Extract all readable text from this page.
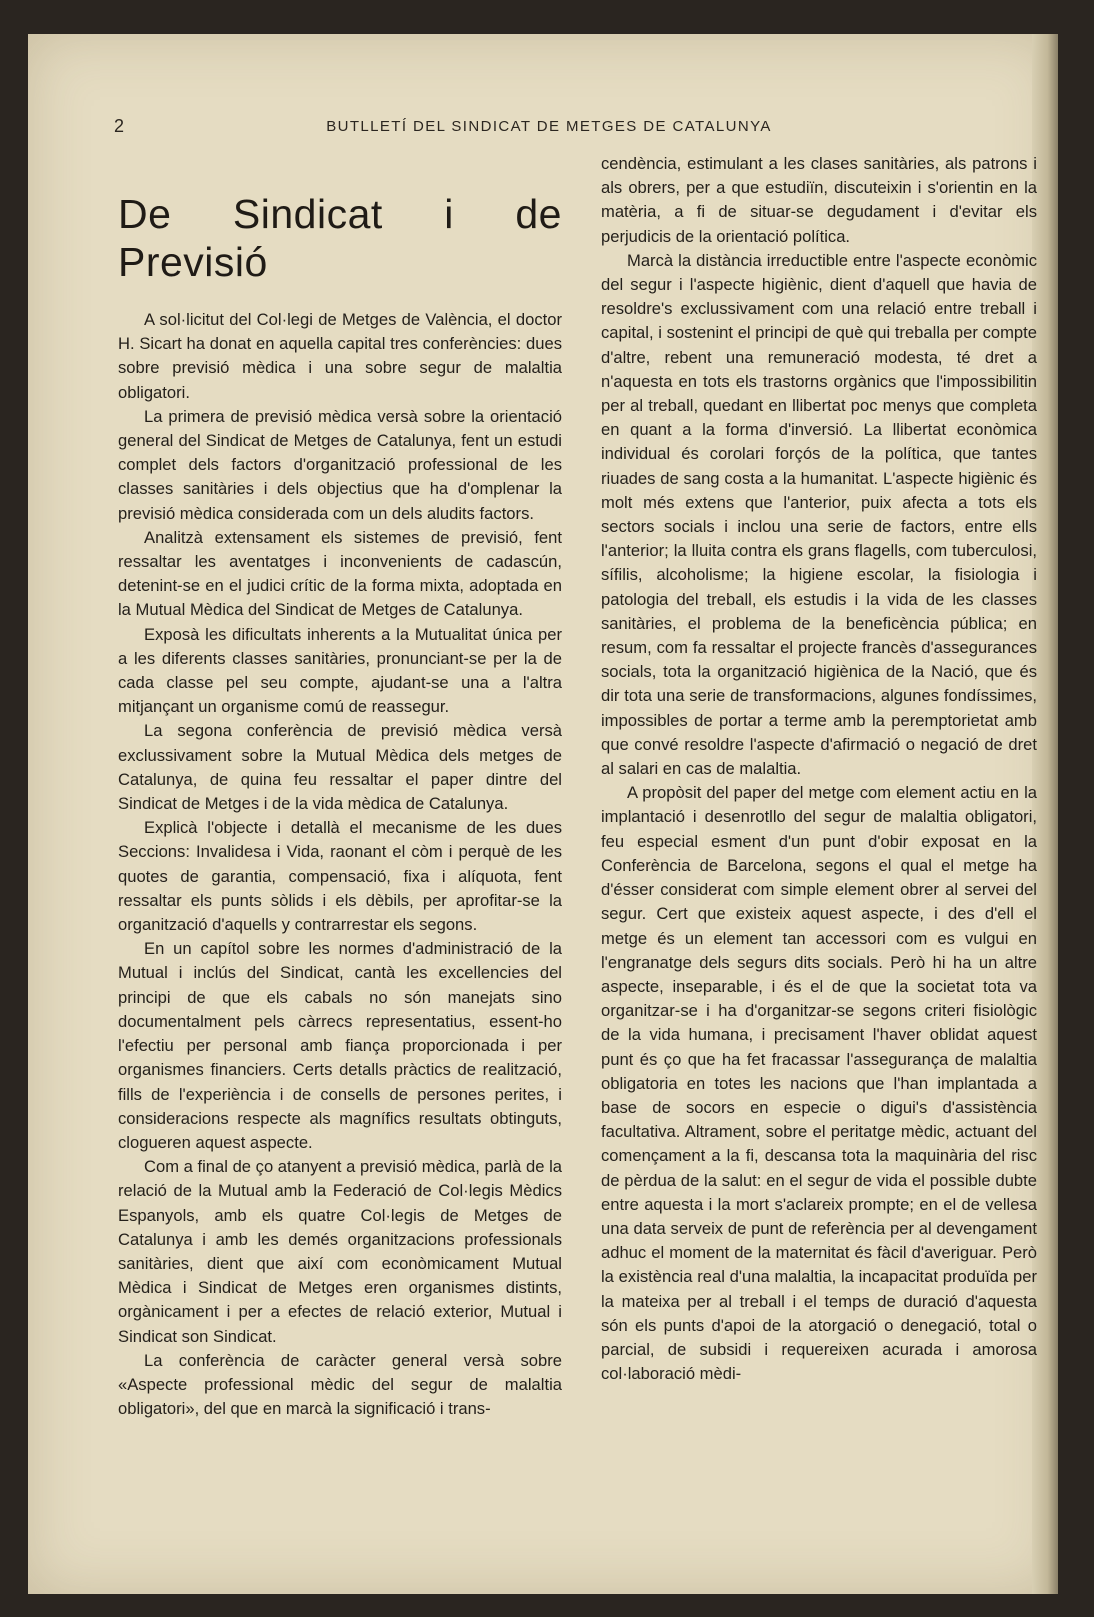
2	BUTLLETÍ DEL SINDICAT DE METGES DE CATALUNYA
De Sindicat i de Previsió

A sol·licitut del Col·legi de Metges de València, el doctor H. Sicart ha donat en aquella capital tres conferències: dues sobre previsió mèdica i una sobre segur de malaltia obligatori.

La primera de previsió mèdica versà sobre la orientació general del Sindicat de Metges de Catalunya, fent un estudi complet dels factors d'organització professional de les classes sanitàries i dels objectius que ha d'omplenar la previsió mèdica considerada com un dels aludits factors.

Analitzà extensament els sistemes de previsió, fent ressaltar les aventatges i inconvenients de cadascún, detenint-se en el judici crític de la forma mixta, adoptada en la Mutual Mèdica del Sindicat de Metges de Catalunya.

Exposà les dificultats inherents a la Mutualitat única per a les diferents classes sanitàries, pronunciant-se per la de cada classe pel seu compte, ajudant-se una a l'altra mitjançant un organisme comú de reassegur.

La segona conferència de previsió mèdica versà exclussivament sobre la Mutual Mèdica dels metges de Catalunya, de quina feu ressaltar el paper dintre del Sindicat de Metges i de la vida mèdica de Catalunya.

Explicà l'objecte i detallà el mecanisme de les dues Seccions: Invalidesa i Vida, raonant el còm i perquè de les quotes de garantia, compensació, fixa i alíquota, fent ressaltar els punts sòlids i els dèbils, per aprofitar-se la organització d'aquells y contrarrestar els segons.

En un capítol sobre les normes d'administració de la Mutual i inclús del Sindicat, cantà les excellencies del principi de que els cabals no són manejats sino documentalment pels càrrecs representatius, essent-ho l'efectiu per personal amb fiança proporcionada i per organismes financiers. Certs detalls pràctics de realització, fills de l'experiència i de consells de persones perites, i consideracions respecte als magnífics resultats obtinguts, clogueren aquest aspecte.

Com a final de ço atanyent a previsió mèdica, parlà de la relació de la Mutual amb la Federació de Col·legis Mèdics Espanyols, amb els quatre Col·legis de Metges de Catalunya i amb les demés organitzacions professionals sanitàries, dient que així com econòmicament Mutual Mèdica i Sindicat de Metges eren organismes distints, orgànicament i per a efectes de relació exterior, Mutual i Sindicat son Sindicat.

La conferència de caràcter general versà sobre «Aspecte professional mèdic del segur de malaltia obligatori», del que en marcà la significació i trans-

cendència, estimulant a les clases sanitàries, als patrons i als obrers, per a que estudiïn, discuteixin i s'orientin en la matèria, a fi de situar-se degudament i d'evitar els perjudicis de la orientació política.

Marcà la distància irreductible entre l'aspecte econòmic del segur i l'aspecte higiènic, dient d'aquell que havia de resoldre's exclussivament com una relació entre treball i capital, i sostenint el principi de què qui treballa per compte d'altre, rebent una remuneració modesta, té dret a n'aquesta en tots els trastorns orgànics que l'impossibilitin per al treball, quedant en llibertat poc menys que completa en quant a la forma d'inversió. La llibertat econòmica individual és corolari forçós de la política, que tantes riuades de sang costa a la humanitat. L'aspecte higiènic és molt més extens que l'anterior, puix afecta a tots els sectors socials i inclou una serie de factors, entre ells l'anterior; la lluita contra els grans flagells, com tuberculosi, sífilis, alcoholisme; la higiene escolar, la fisiologia i patologia del treball, els estudis i la vida de les classes sanitàries, el problema de la beneficència pública; en resum, com fa ressaltar el projecte francès d'assegurances socials, tota la organització higiènica de la Nació, que és dir tota una serie de transformacions, algunes fondíssimes, impossibles de portar a terme amb la peremptorietat amb que convé resoldre l'aspecte d'afirmació o negació de dret al salari en cas de malaltia.

A propòsit del paper del metge com element actiu en la implantació i desenrotllo del segur de malaltia obligatori, feu especial esment d'un punt d'obir exposat en la Conferència de Barcelona, segons el qual el metge ha d'ésser considerat com simple element obrer al servei del segur. Cert que existeix aquest aspecte, i des d'ell el metge és un element tan accessori com es vulgui en l'engranatge dels segurs dits socials. Però hi ha un altre aspecte, inseparable, i és el de que la societat tota va organitzar-se i ha d'organitzar-se segons criteri fisiològic de la vida humana, i precisament l'haver oblidat aquest punt és ço que ha fet fracassar l'assegurança de malaltia obligatoria en totes les nacions que l'han implantada a base de socors en especie o digui's d'assistència facultativa. Altrament, sobre el peritatge mèdic, actuant del començament a la fi, descansa tota la maquinària del risc de pèrdua de la salut: en el segur de vida el possible dubte entre aquesta i la mort s'aclareix prompte; en el de vellesa una data serveix de punt de referència per al devengament adhuc el moment de la maternitat és fàcil d'averiguar. Però la existència real d'una malaltia, la incapacitat produïda per la mateixa per al treball i el temps de duració d'aquesta són els punts d'apoi de la atorgació o denegació, total o parcial, de subsidi i requereixen acurada i amorosa col·laboració mèdi-
